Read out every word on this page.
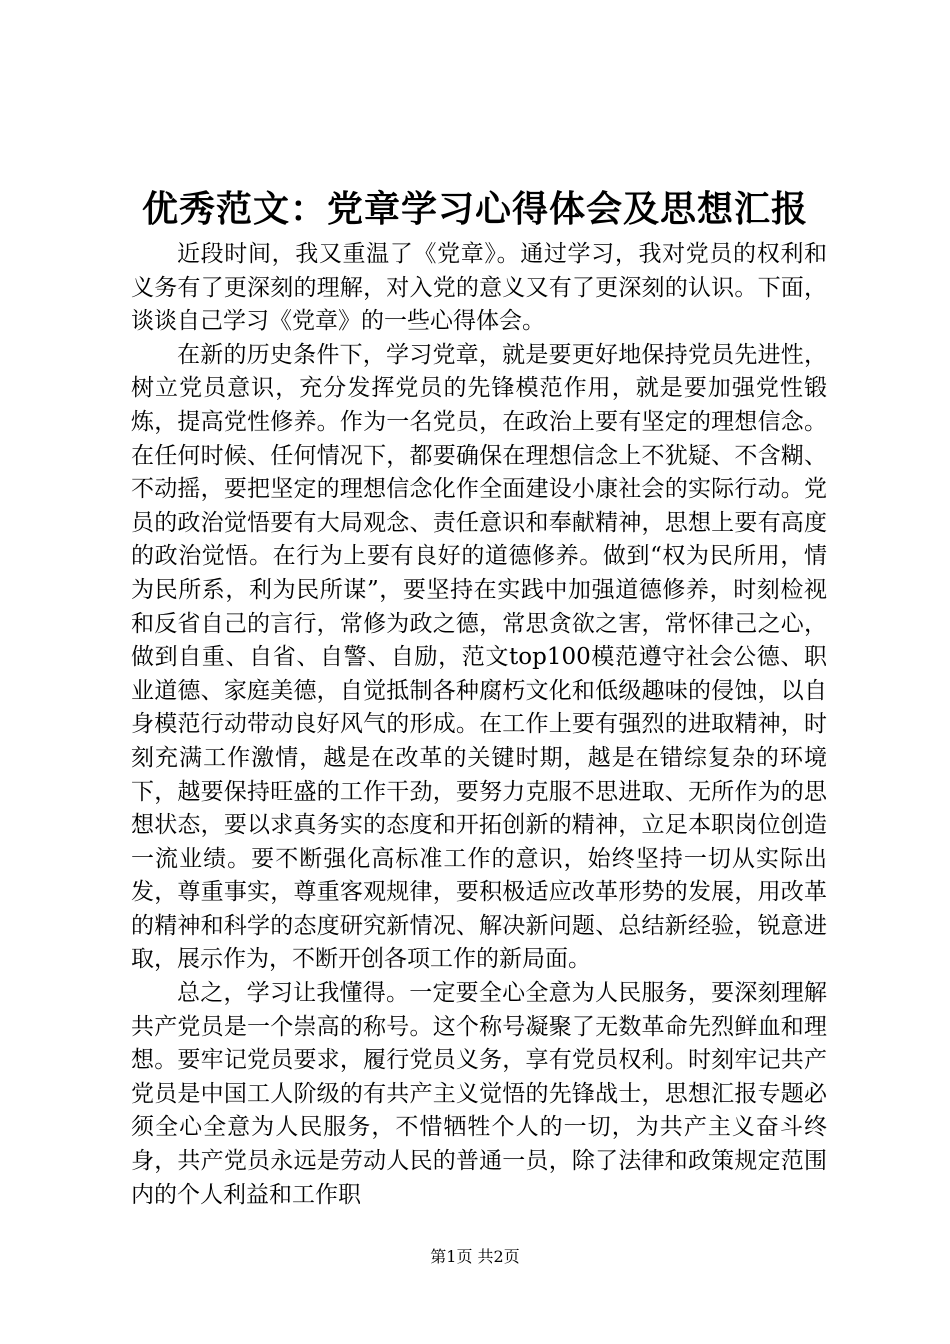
优秀范文：党章学习心得体会及思想汇报

近段时间，我又重温了《党章》。通过学习，我对党员的权利和义务有了更深刻的理解，对入党的意义又有了更深刻的认识。下面，谈谈自己学习《党章》的一些心得体会。

在新的历史条件下，学习党章，就是要更好地保持党员先进性，树立党员意识，充分发挥党员的先锋模范作用，就是要加强党性锻炼，提高党性修养。作为一名党员，在政治上要有坚定的理想信念。在任何时候、任何情况下，都要确保在理想信念上不犹疑、不含糊、不动摇，要把坚定的理想信念化作全面建设小康社会的实际行动。党员的政治觉悟要有大局观念、责任意识和奉献精神，思想上要有高度的政治觉悟。在行为上要有良好的道德修养。做到“权为民所用，情为民所系，利为民所谋”，要坚持在实践中加强道德修养，时刻检视和反省自己的言行，常修为政之德，常思贪欲之害，常怀律己之心，做到自重、自省、自警、自励，范文top100模范遵守社会公德、职业道德、家庭美德，自觉抵制各种腐朽文化和低级趣味的侵蚀，以自身模范行动带动良好风气的形成。在工作上要有强烈的进取精神，时刻充满工作激情，越是在改革的关键时期，越是在错综复杂的环境下，越要保持旺盛的工作干劲，要努力克服不思进取、无所作为的思想状态，要以求真务实的态度和开拓创新的精神，立足本职岗位创造一流业绩。要不断强化高标准工作的意识，始终坚持一切从实际出发，尊重事实，尊重客观规律，要积极适应改革形势的发展，用改革的精神和科学的态度研究新情况、解决新问题、总结新经验，锐意进取，展示作为，不断开创各项工作的新局面。

总之，学习让我懂得。一定要全心全意为人民服务，要深刻理解共产党员是一个崇高的称号。这个称号凝聚了无数革命先烈鲜血和理想。要牢记党员要求，履行党员义务，享有党员权利。时刻牢记共产党员是中国工人阶级的有共产主义觉悟的先锋战士，思想汇报专题必须全心全意为人民服务，不惜牺牲个人的一切，为共产主义奋斗终身，共产党员永远是劳动人民的普通一员，除了法律和政策规定范围内的个人利益和工作职

第1页 共2页
